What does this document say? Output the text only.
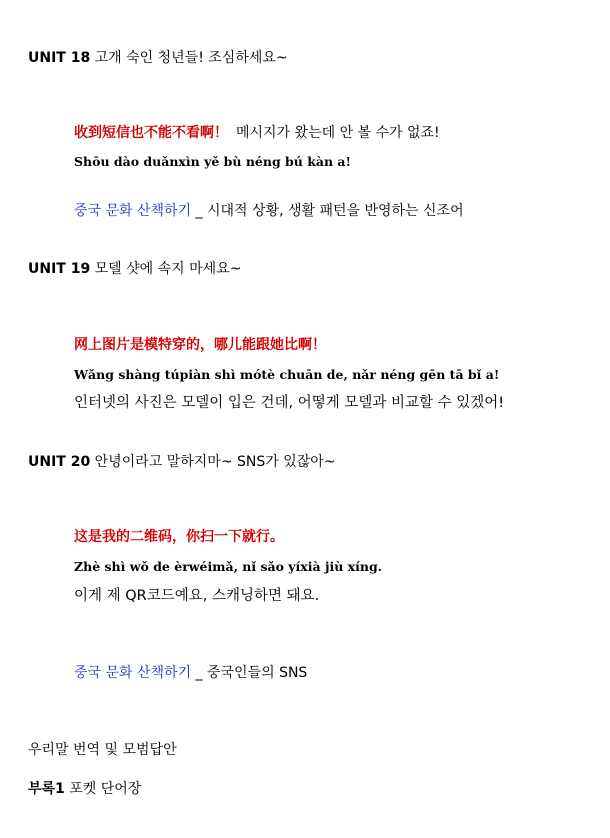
UNIT 18 고개 숙인 청년들! 조심하세요~
收到短信也不能不看啊！ 메시지가 왔는데 안 볼 수가 없죠!
Shōu dào duǎnxìn yě bù néng bú kàn a!
중국 문화 산책하기 _ 시대적 상황, 생활 패턴을 반영하는 신조어
UNIT 19 모델 샷에 속지 마세요~
网上图片是模特穿的，哪儿能跟她比啊！
Wǎng shàng túpiàn shì mótè chuān de, nǎr néng gēn tā bǐ a!
인터넷의 사진은 모델이 입은 건데, 어떻게 모델과 비교할 수 있겠어!
UNIT 20 안녕이라고 말하지마~ SNS가 있잖아~
这是我的二维码，你扫一下就行。
Zhè shì wǒ de èrwéimǎ, nǐ sǎo yíxià jiù xíng.
이게 제 QR코드예요, 스캐닝하면 돼요.
중국 문화 산책하기 _ 중국인들의 SNS
우리말 번역 및 모범답안
부록1 포켓 단어장
